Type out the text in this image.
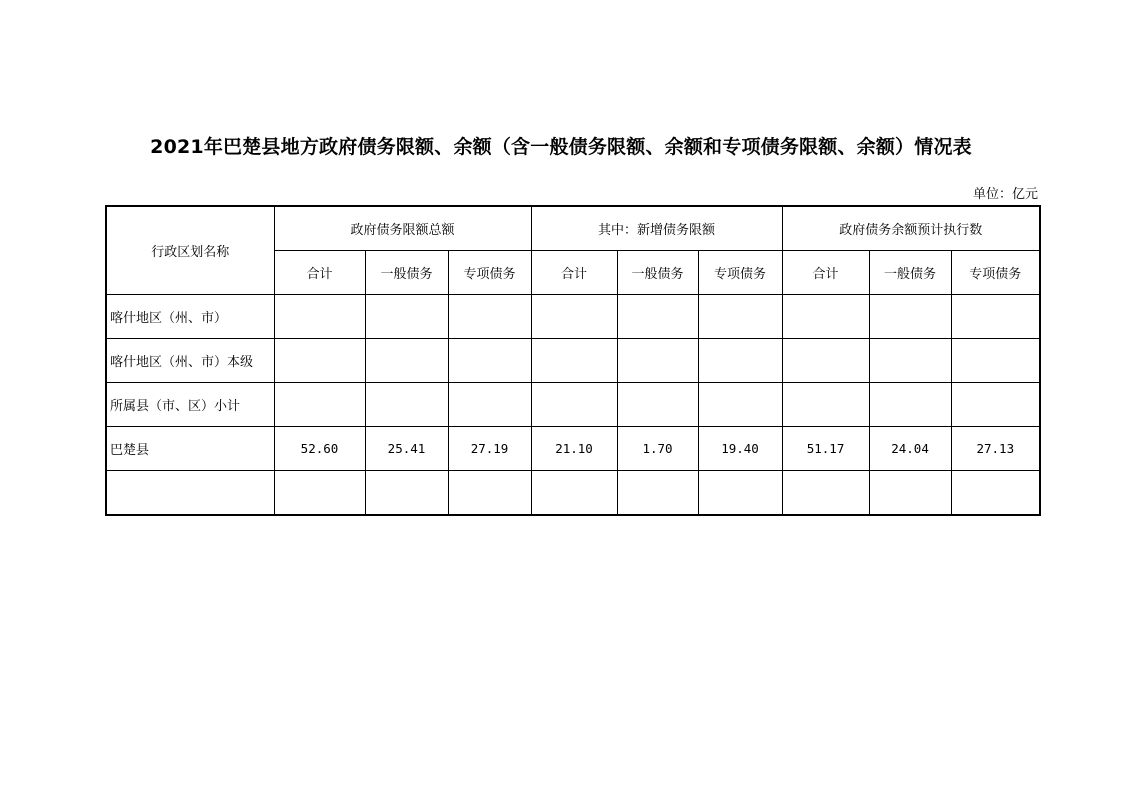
2021年巴楚县地方政府债务限额、余额（含一般债务限额、余额和专项债务限额、余额）情况表
单位：亿元
行政区划名称	政府债务限额总额			其中：新增债务限额			政府债务余额预计执行数		
	合计	一般债务	专项债务	合计	一般债务	专项债务	合计	一般债务	专项债务
喀什地区（州、市）									
喀什地区（州、市）本级									
所属县（市、区）小计									
巴楚县	52.60	25.41	27.19	21.10	1.70	19.40	51.17	24.04	27.13
